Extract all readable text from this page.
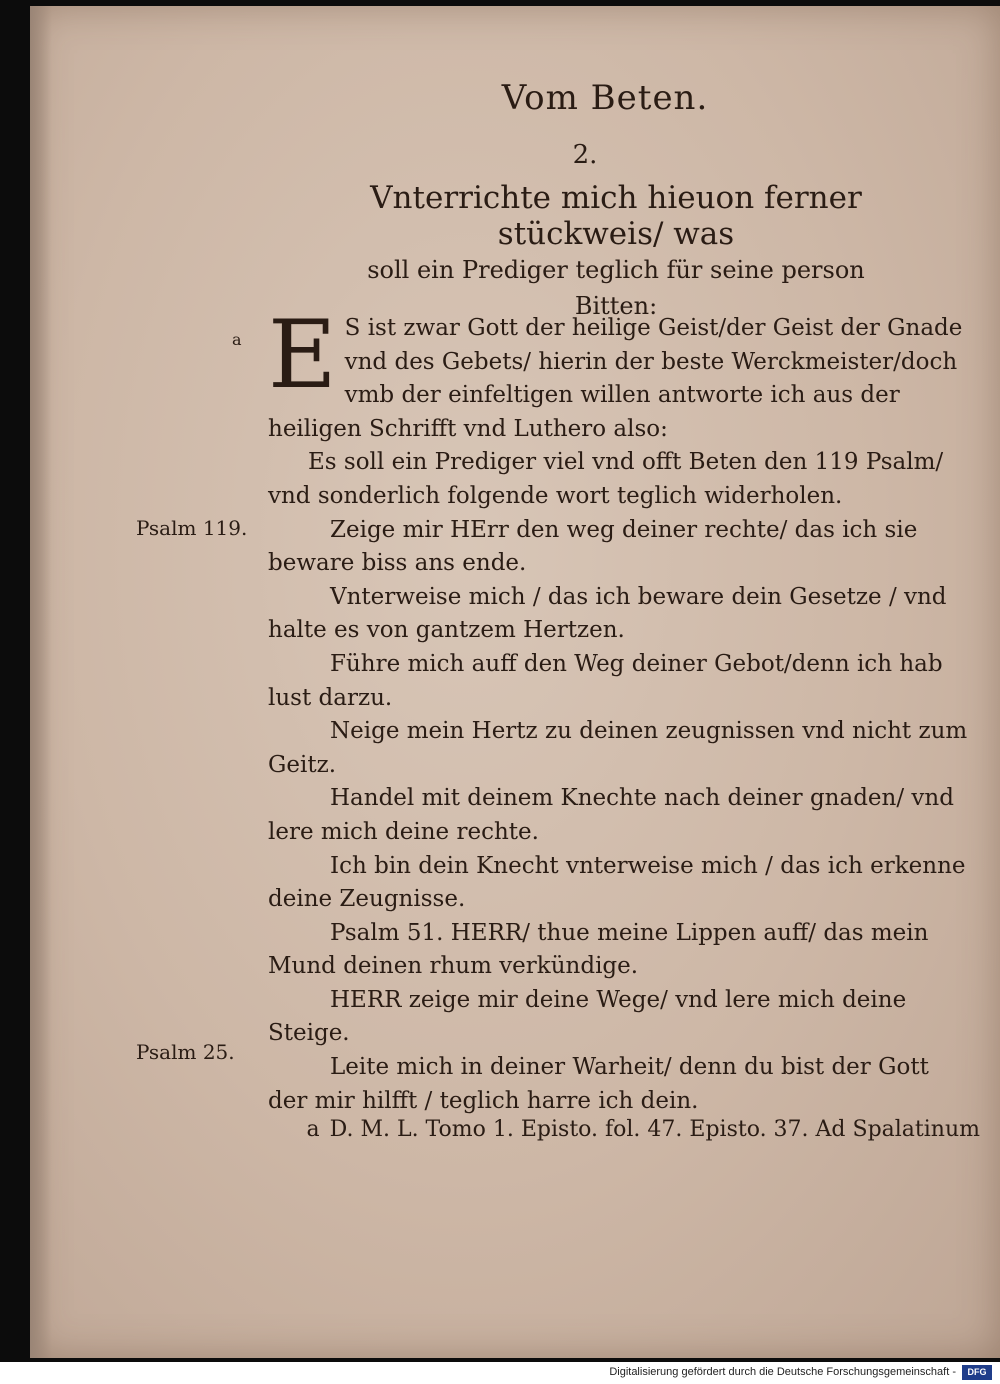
Vom Beten.
2.
Vnterrichte mich hieuon ferner stückweis/ was
soll ein Prediger teglich für seine person
Bitten:
a
Psalm 119.
Psalm 25.

E S ist zwar Gott der heilige Geist/der Geist der Gnade vnd des Gebets/ hierin der beste Werckmeister/doch vmb der einfeltigen willen antworte ich aus der heiligen Schrifft vnd Luthero also:

Es soll ein Prediger viel vnd offt Beten den 119 Psalm/ vnd sonderlich folgende wort teglich widerholen.

Zeige mir HErr den weg deiner rechte/ das ich sie beware biss ans ende.

Vnterweise mich / das ich beware dein Gesetze / vnd halte es von gantzem Hertzen.

Führe mich auff den Weg deiner Gebot/denn ich hab lust darzu.

Neige mein Hertz zu deinen zeugnissen vnd nicht zum Geitz.

Handel mit deinem Knechte nach deiner gnaden/ vnd lere mich deine rechte.

Ich bin dein Knecht vnterweise mich / das ich erkenne deine Zeugnisse.

Psalm 51. HERR/ thue meine Lippen auff/ das mein Mund deinen rhum verkündige.

HERR zeige mir deine Wege/ vnd lere mich deine Steige.

Leite mich in deiner Warheit/ denn du bist der Gott der mir hilfft / teglich harre ich dein.

a D. M. L. Tomo 1. Episto. fol. 47. Episto. 37. Ad Spalatinum
Digitalisierung gefördert durch die Deutsche Forschungsgemeinschaft -	DFG
